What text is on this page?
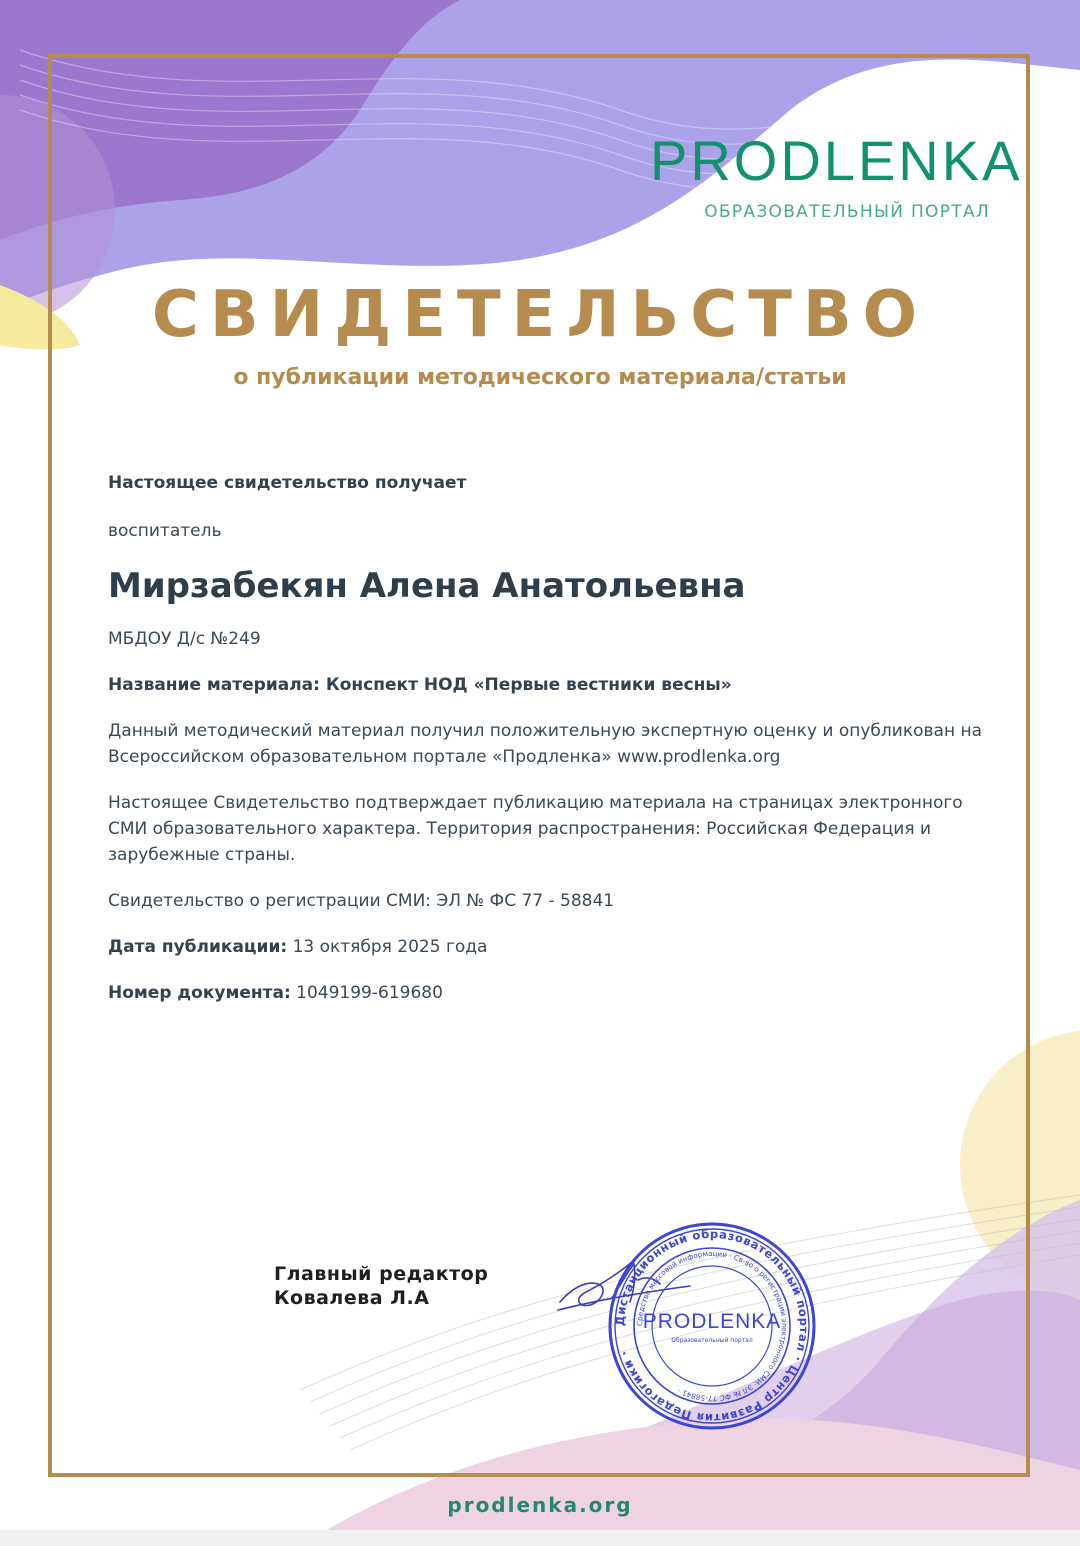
PRODLENKA
ОБРАЗОВАТЕЛЬНЫЙ ПОРТАЛ
СВИДЕТЕЛЬСТВО
о публикации методического материала/статьи

Настоящее свидетельство получает

воспитатель

Мирзабекян Алена Анатольевна

МБДОУ Д/с №249

Название материала: Конспект НОД «Первые вестники весны»

Данный методический материал получил положительную экспертную оценку и опубликован на Всероссийском образовательном портале «Продленка» www.prodlenka.org

Настоящее Свидетельство подтверждает публикацию материала на страницах электронного СМИ образовательного характера. Территория распространения: Российская Федерация и зарубежные страны.

Свидетельство о регистрации СМИ: ЭЛ № ФС 77 - 58841

Дата публикации: 13 октября 2025 года

Номер документа: 1049199-619680

Главный редактор

Ковалева Л.А

Дистанционный образовательный портал · Центр Развития Педагогики ·
Средство массовой информации · Св-во о регистрации электронного СМИ: ЭЛ № ФС 77-58841 ·
PRODLENKA
Образовательный портал
prodlenka.org
